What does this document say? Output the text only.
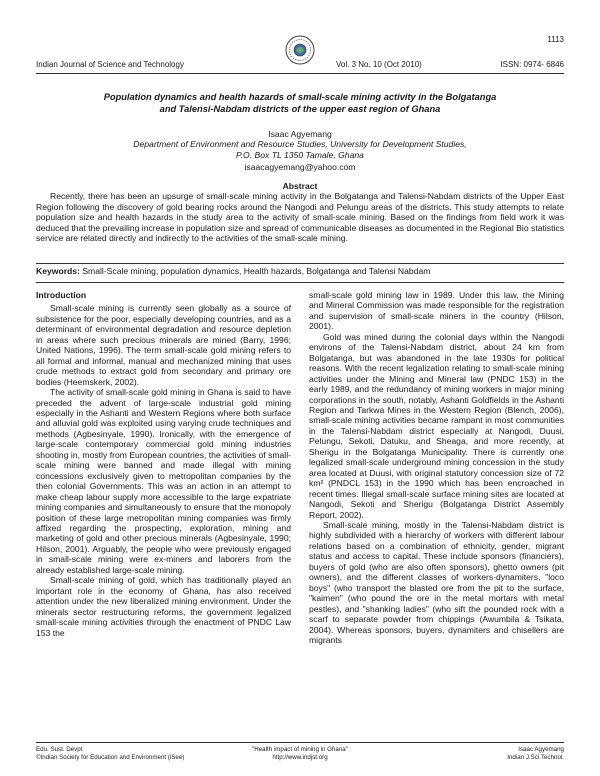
1113
Indian Journal of Science and Technology	Vol. 3 No. 10 (Oct 2010)	ISSN: 0974- 6846
Population dynamics and health hazards of small-scale mining activity in the Bolgatanga
and Talensi-Nabdam districts of the upper east region of Ghana
Isaac Agyemang
Department of Environment and Resource Studies, University for Development Studies,
P.O. Box TL 1350 Tamale, Ghana
isaacagyemang@yahoo.com
Abstract
Recently, there has been an upsurge of small-scale mining activity in the Bolgatanga and Talensi-Nabdam districts of the Upper East Region following the discovery of gold bearing rocks around the Nangodi and Pelungu areas of the districts. This study attempts to relate population size and health hazards in the study area to the activity of small-scale mining. Based on the findings from field work it was deduced that the prevailing increase in population size and spread of communicable diseases as documented in the Regional Bio statistics service are related directly and indirectly to the activities of the small-scale mining.
Keywords: Small-Scale mining, population dynamics, Health hazards, Bolgatanga and Talensi Nabdam
Introduction

Small-scale mining is currently seen globally as a source of subsistence for the poor, especially developing countries, and as a determinant of environmental degradation and resource depletion in areas where such precious minerals are mined (Barry, 1996; United Nations, 1996). The term small-scale gold mining refers to all formal and informal, manual and mechanized mining that uses crude methods to extract gold from secondary and primary ore bodies (Heemskerk, 2002).

The activity of small-scale gold mining in Ghana is said to have preceded the advent of large-scale industrial gold mining especially in the Ashanti and Western Regions where both surface and alluvial gold was exploited using varying crude techniques and methods (Agbesinyale, 1990). Ironically, with the emergence of large-scale contemporary commercial gold mining industries shooting in, mostly from European countries, the activities of small-scale mining were banned and made illegal with mining concessions exclusively given to metropolitan companies by the then colonial Governments. This was an action in an attempt to make cheap labour supply more accessible to the large expatriate mining companies and simultaneously to ensure that the monopoly position of these large metropolitan mining companies was firmly affixed regarding the prospecting, exploration, mining and marketing of gold and other precious minerals (Agbesinyale, 1990; Hilson, 2001). Arguably, the people who were previously engaged in small-scale mining were ex-miners and laborers from the already established large-scale mining.

Small-scale mining of gold, which has traditionally played an important role in the economy of Ghana, has also received attention under the new liberalized mining environment. Under the minerals sector restructuring reforms, the government legalized small-scale mining activities through the enactment of PNDC Law 153 the

small-scale gold mining law in 1989. Under this law, the Mining and Mineral Commission was made responsible for the registration and supervision of small-scale miners in the country (Hilson, 2001).

Gold was mined during the colonial days within the Nangodi environs of the Talensi-Nabdam district, about 24 km from Bolgatanga, but was abandoned in the late 1930s for political reasons. With the recent legalization relating to small-scale mining activities under the Mining and Mineral law (PNDC 153) in the early 1989, and the redundancy of mining workers in major mining corporations in the south, notably, Ashanti Goldfields in the Ashanti Region and Tarkwa Mines in the Western Region (Blench, 2006), small-scale mining activities became rampant in most communities in the Talensi-Nabdam district especially at Nangodi, Duusi, Pelungu, Sekoti, Datuku, and Sheaga, and more recently, at Sherigu in the Bolgatanga Municipality. There is currently one legalized small-scale underground mining concession in the study area located at Duusi, with original statutory concession size of 72 km² (PNDCL 153) in the 1990 which has been encroached in recent times. Illegal small-scale surface mining sites are located at Nangodi, Sekoti and Sherigu (Bolgatanga District Assembly Report, 2002).

Small-scale mining, mostly in the Talensi-Nabdam district is highly subdivided with a hierarchy of workers with different labour relations based on a combination of ethnicity, gender, migrant status and access to capital. These include sponsors (financiers), buyers of gold (who are also often sponsors), ghetto owners (pit owners), and the different classes of workers-dynamiters, "loco boys" (who transport the blasted ore from the pit to the surface, "kaimen" (who pound the ore in the metal mortars with metal pestles), and "shanking ladies" (who sift the pounded rock with a scarf to separate powder from chippings (Awumbila & Tsikata, 2004). Whereas sponsors, buyers, dynamiters and chisellers are migrants

Edu. Sust. Devpt
©Indian Society for Education and Environment (iSee)
"Health impact of mining in Ghana"
http://www.indjst.org
Isaac Agyemang
Indian J.Sci.Technol.
